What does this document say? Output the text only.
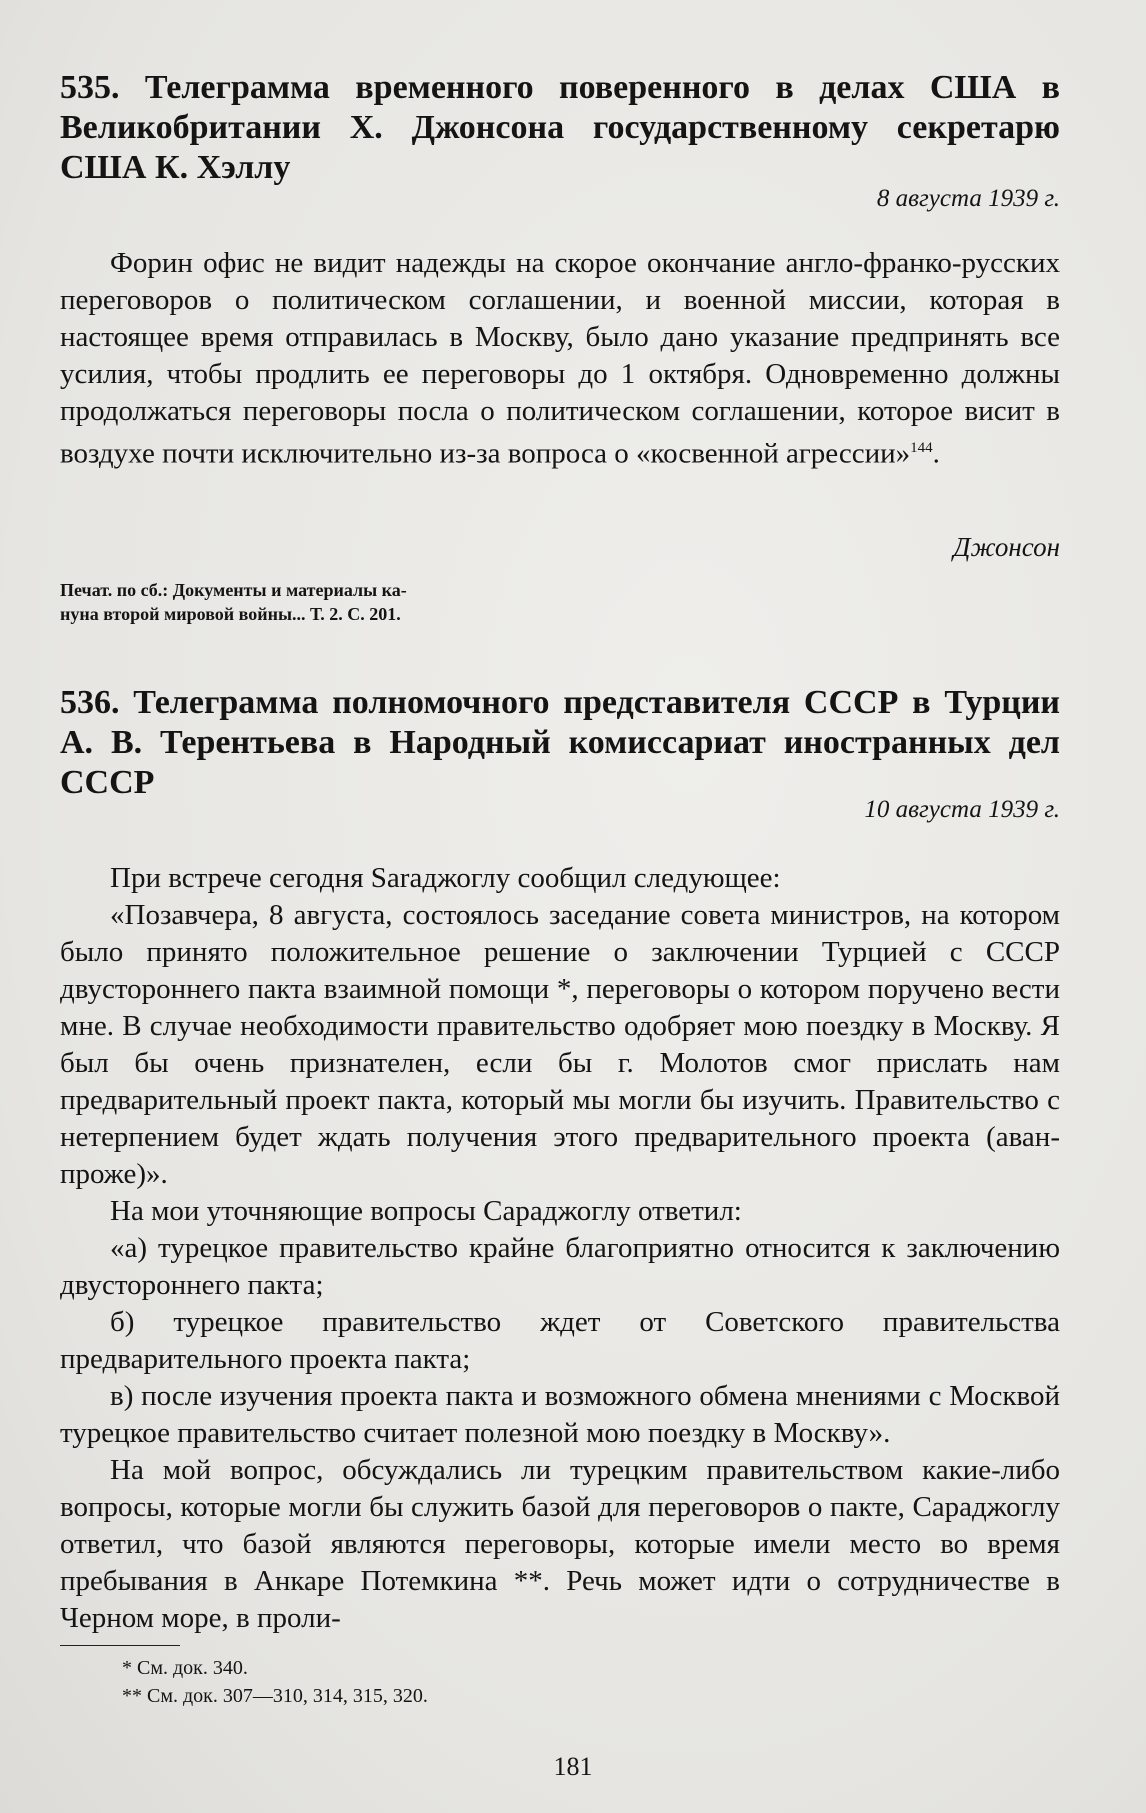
535. Телеграмма временного поверенного в делах США в Великобритании Х. Джонсона государственному секретарю США К. Хэллу

8 августа 1939 г.

Форин офис не видит надежды на скорое окончание англо-франко-русских переговоров о политическом соглашении, и военной миссии, которая в настоящее время отправилась в Москву, было дано указание предпринять все усилия, чтобы продлить ее переговоры до 1 октября. Одновременно должны продолжаться переговоры посла о политическом соглашении, которое висит в воздухе почти исключительно из-за вопроса о «косвенной агрессии»$^{144}$.

Джонсон

Печат. по сб.: Документы и материалы ка-

нуна второй мировой войны... Т. 2. С. 201.

536. Телеграмма полномочного представителя СССР в Турции А. В. Терентьева в Народный комиссариат иностранных дел СССР

10 августа 1939 г.

При встрече сегодня Saraджоглу сообщил следующее:

«Позавчера, 8 августа, состоялось заседание совета министров, на котором было принято положительное решение о заключении Турцией с СССР двустороннего пакта взаимной помощи *, переговоры о котором поручено вести мне. В случае необходимости правительство одобряет мою поездку в Москву. Я был бы очень признателен, если бы г. Молотов смог прислать нам предварительный проект пакта, который мы могли бы изучить. Правительство с нетерпением будет ждать получения этого предварительного проекта (аван-проже)».

На мои уточняющие вопросы Сараджоглу ответил:

«а) турецкое правительство крайне благоприятно относится к заключению двустороннего пакта;

б) турецкое правительство ждет от Советского правительства предварительного проекта пакта;

в) после изучения проекта пакта и возможного обмена мнениями с Москвой турецкое правительство считает полезной мою поездку в Москву».

На мой вопрос, обсуждались ли турецким правительством какие-либо вопросы, которые могли бы служить базой для переговоров о пакте, Сараджоглу ответил, что базой являются переговоры, которые имели место во время пребывания в Анкаре Потемкина **. Речь может идти о сотрудничестве в Черном море, в проли-

* См. док. 340.

** См. док. 307—310, 314, 315, 320.

181
